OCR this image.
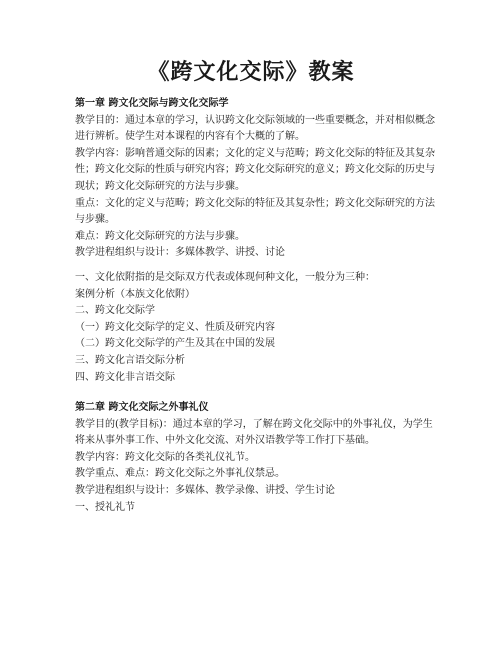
《跨文化交际》教案

第一章 跨文化交际与跨文化交际学

教学目的：通过本章的学习，认识跨文化交际领域的一些重要概念，并对相似概念进行辨析。使学生对本课程的内容有个大概的了解。

教学内容：影响普通交际的因素；文化的定义与范畴；跨文化交际的特征及其复杂性；跨文化交际的性质与研究内容；跨文化交际研究的意义；跨文化交际的历史与现状；跨文化交际研究的方法与步骤。

重点：文化的定义与范畴；跨文化交际的特征及其复杂性；跨文化交际研究的方法与步骤。

难点：跨文化交际研究的方法与步骤。

教学进程组织与设计：多媒体教学、讲授、讨论

一、文化依附指的是交际双方代表或体现何种文化，一般分为三种：

案例分析（本族文化依附）

二、跨文化交际学

（一）跨文化交际学的定义、性质及研究内容

（二）跨文化交际学的产生及其在中国的发展

三、跨文化言语交际分析

四、跨文化非言语交际

第二章 跨文化交际之外事礼仪

教学目的(教学目标)：通过本章的学习，了解在跨文化交际中的外事礼仪，为学生将来从事外事工作、中外文化交流、对外汉语教学等工作打下基础。

教学内容：跨文化交际的各类礼仪礼节。

教学重点、难点：跨文化交际之外事礼仪禁忌。

教学进程组织与设计：多媒体、教学录像、讲授、学生讨论

一、授礼礼节
